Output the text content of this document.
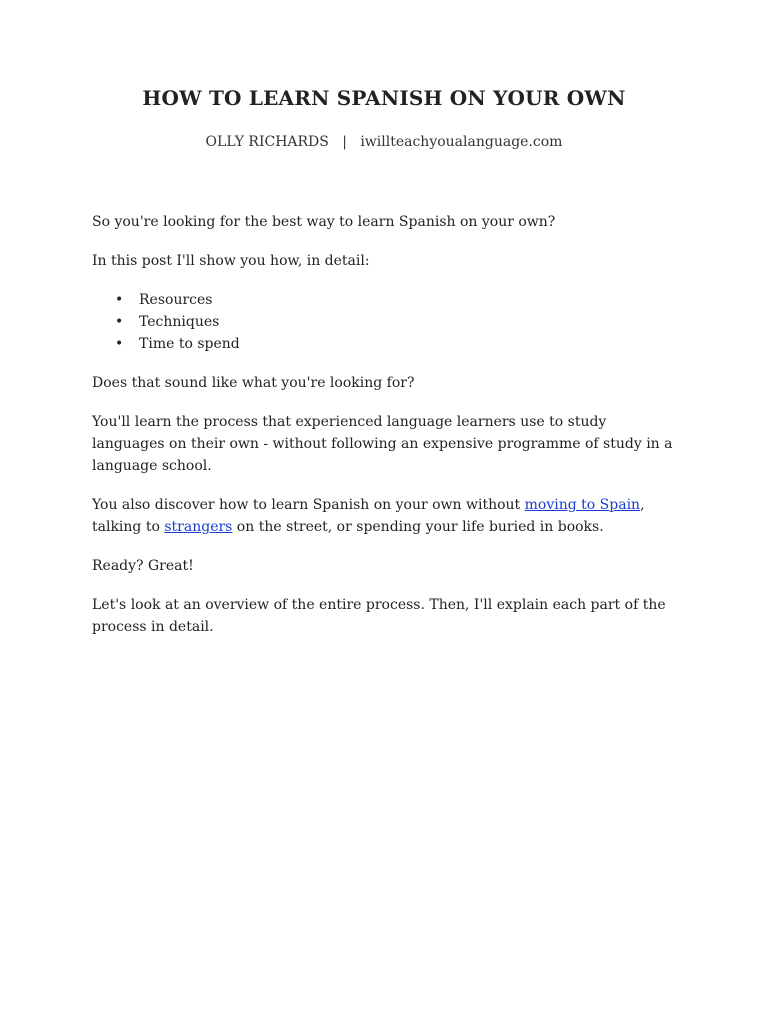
HOW TO LEARN SPANISH ON YOUR OWN
OLLY RICHARDS | iwillteachyoualanguage.com

So you're looking for the best way to learn Spanish on your own?

In this post I'll show you how, in detail:

• Resources
• Techniques
• Time to spend

Does that sound like what you're looking for?

You'll learn the process that experienced language learners use to study languages on their own - without following an expensive programme of study in a language school.

You also discover how to learn Spanish on your own without moving to Spain, talking to strangers on the street, or spending your life buried in books.

Ready? Great!

Let's look at an overview of the entire process. Then, I'll explain each part of the process in detail.
